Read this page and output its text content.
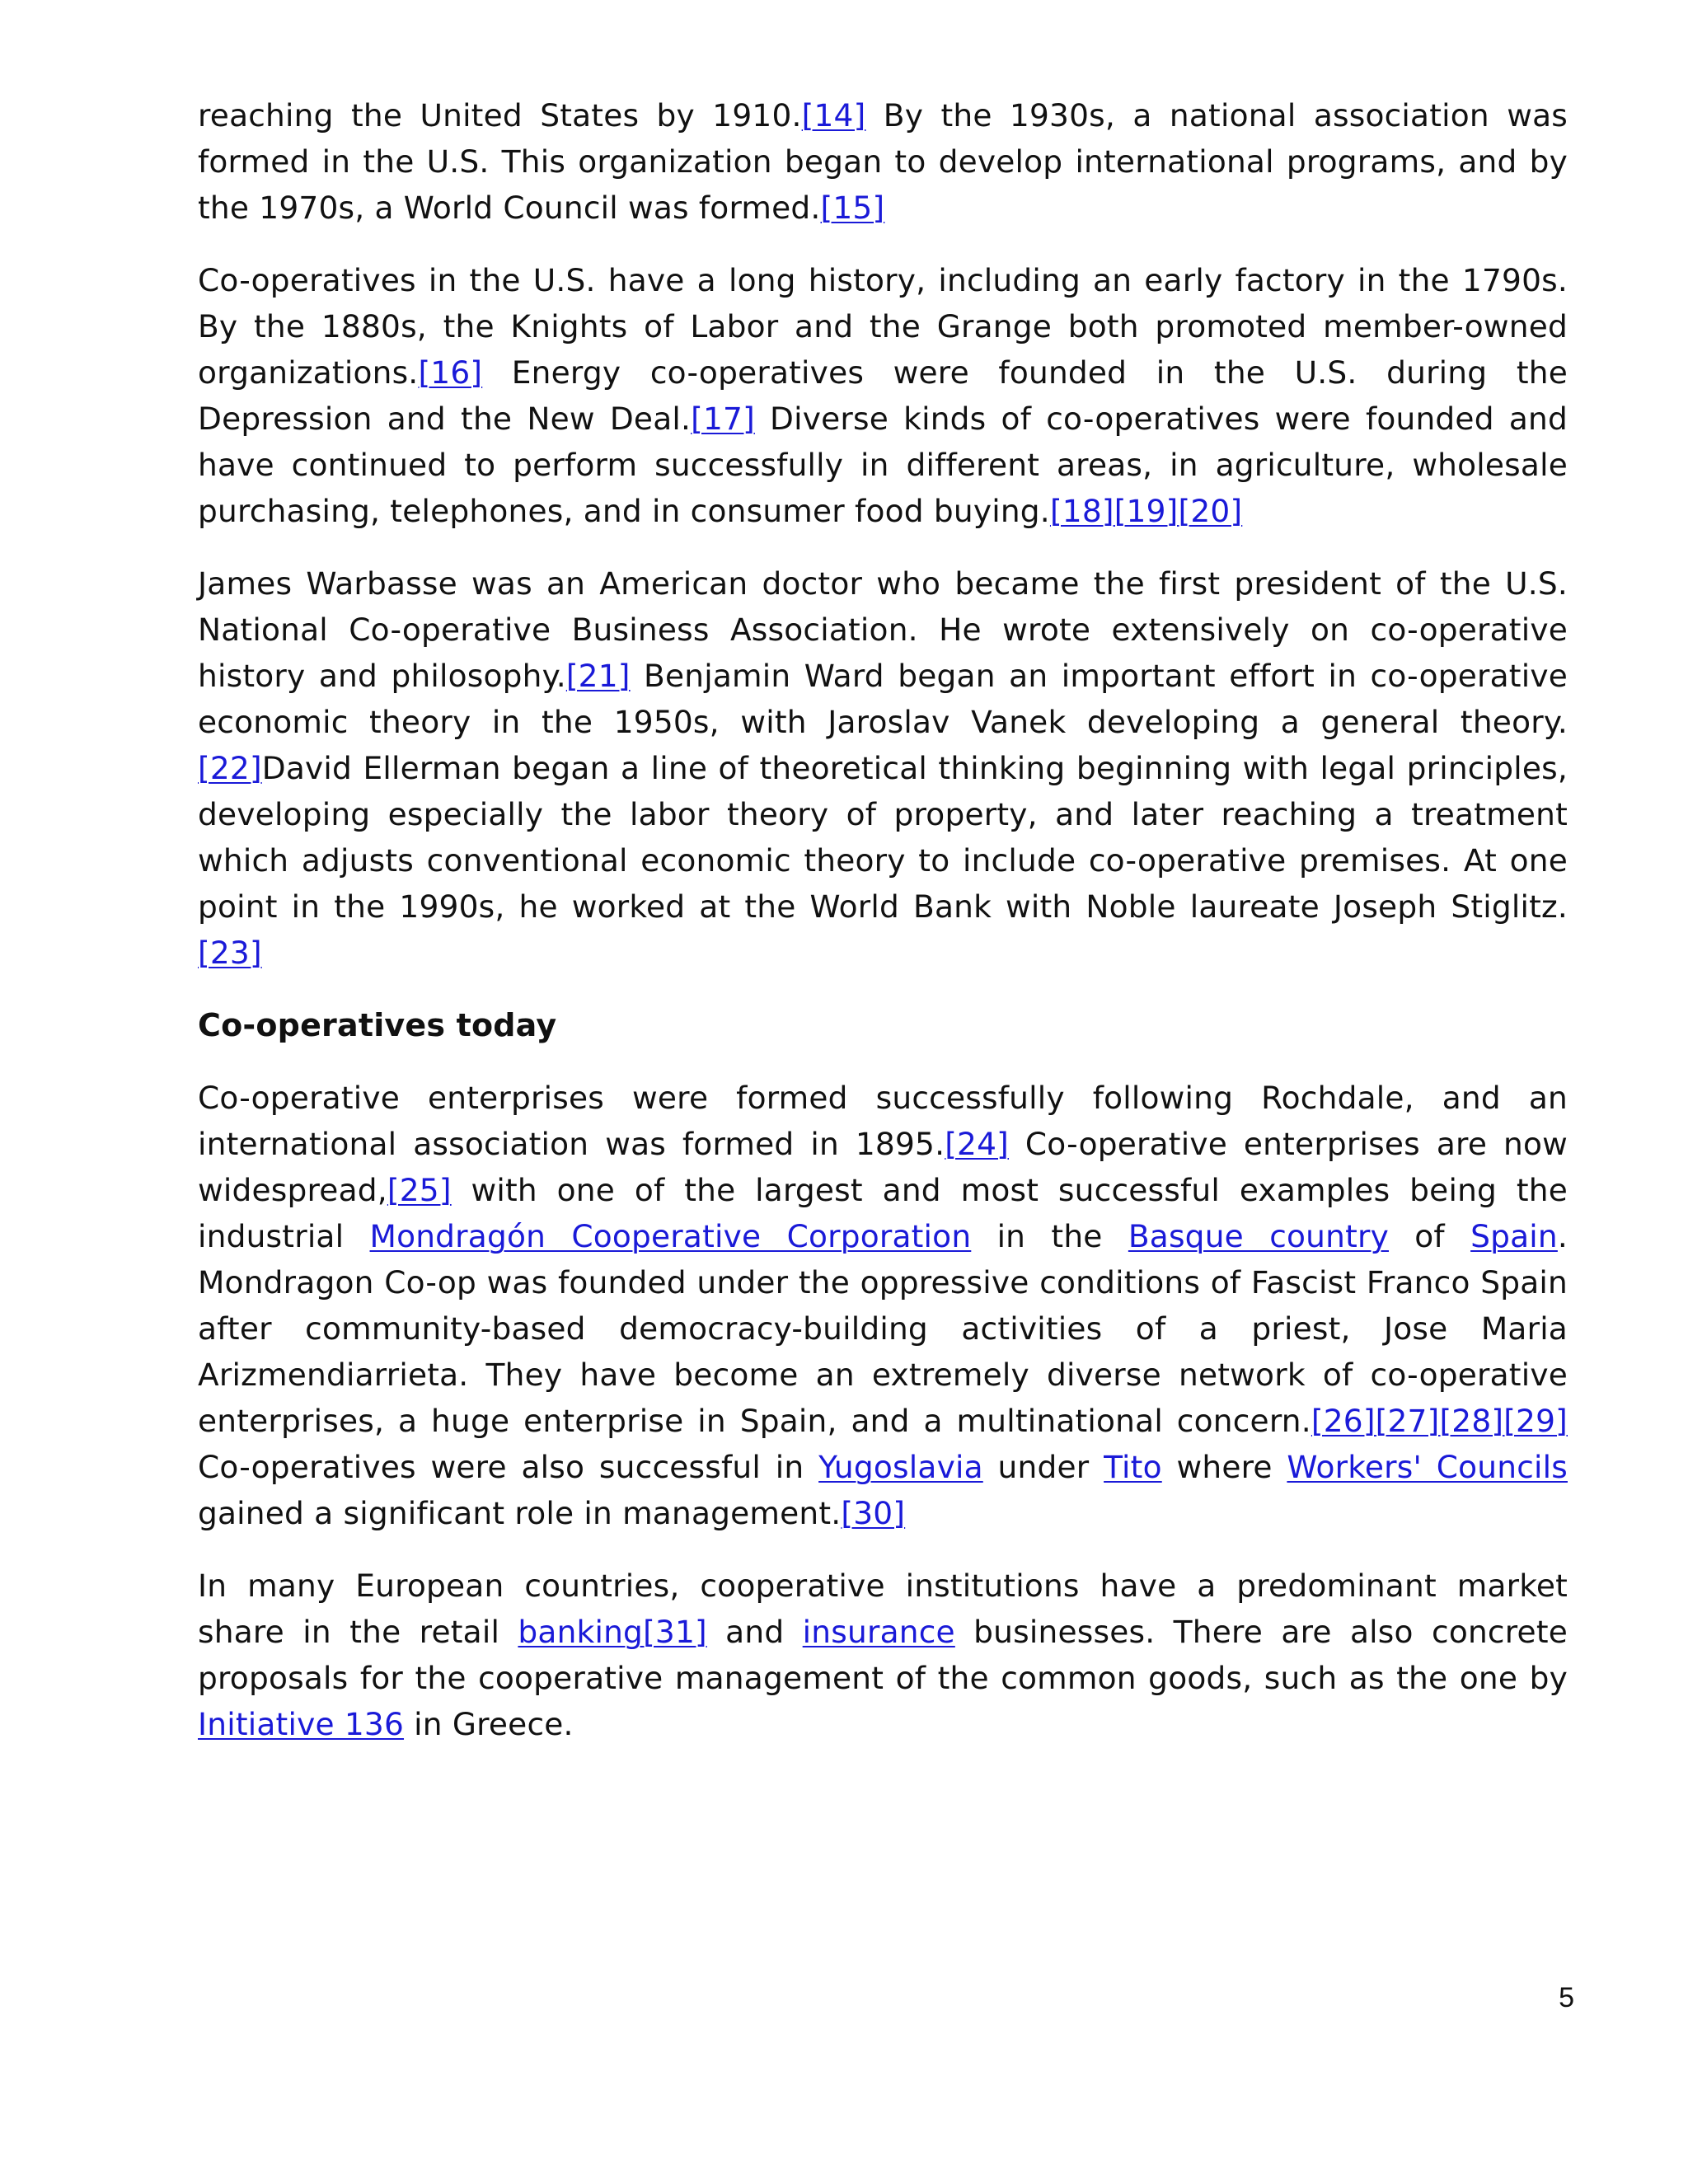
reaching the United States by 1910.[14] By the 1930s, a national association was formed in the U.S. This organization began to develop international programs, and by the 1970s, a World Council was formed.[15]

Co-operatives in the U.S. have a long history, including an early factory in the 1790s. By the 1880s, the Knights of Labor and the Grange both promoted member-owned organizations.[16] Energy co-operatives were founded in the U.S. during the Depression and the New Deal.[17] Diverse kinds of co-operatives were founded and have continued to perform successfully in different areas, in agriculture, wholesale purchasing, telephones, and in consumer food buying.[18][19][20]

James Warbasse was an American doctor who became the first president of the U.S. National Co-operative Business Association. He wrote extensively on co-operative history and philosophy.[21] Benjamin Ward began an important effort in co-operative economic theory in the 1950s, with Jaroslav Vanek developing a general theory.[22]David Ellerman began a line of theoretical thinking beginning with legal principles, developing especially the labor theory of property, and later reaching a treatment which adjusts conventional economic theory to include co-operative premises. At one point in the 1990s, he worked at the World Bank with Noble laureate Joseph Stiglitz.[23]

Co-operatives today

Co-operative enterprises were formed successfully following Rochdale, and an international association was formed in 1895.[24] Co-operative enterprises are now widespread,[25] with one of the largest and most successful examples being the industrial Mondragón Cooperative Corporation in the Basque country of Spain. Mondragon Co-op was founded under the oppressive conditions of Fascist Franco Spain after community-based democracy-building activities of a priest, Jose Maria Arizmendiarrieta. They have become an extremely diverse network of co-operative enterprises, a huge enterprise in Spain, and a multinational concern.[26][27][28][29] Co-operatives were also successful in Yugoslavia under Tito where Workers' Councils gained a significant role in management.[30]

In many European countries, cooperative institutions have a predominant market share in the retail banking[31] and insurance businesses. There are also concrete proposals for the cooperative management of the common goods, such as the one by Initiative 136 in Greece.

5
